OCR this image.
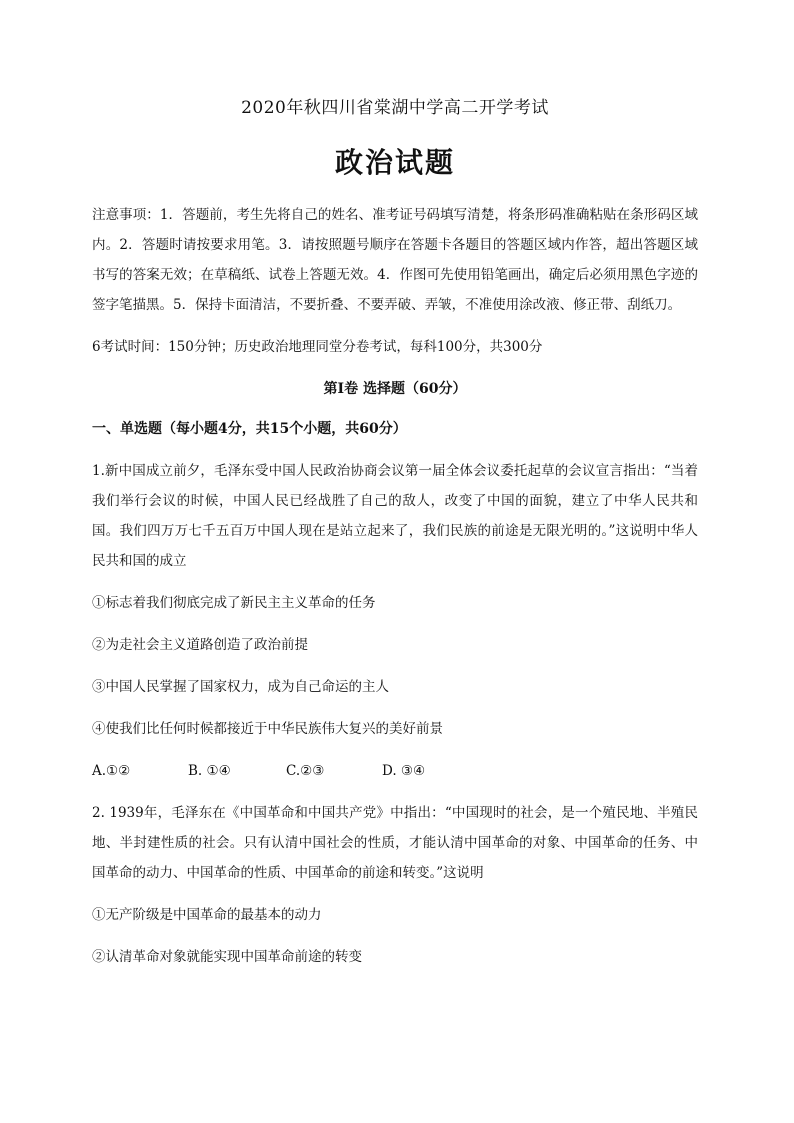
2020年秋四川省棠湖中学高二开学考试
政治试题

注意事项：1．答题前，考生先将自己的姓名、准考证号码填写清楚，将条形码准确粘贴在条形码区域内。2．答题时请按要求用笔。3．请按照题号顺序在答题卡各题目的答题区域内作答，超出答题区域书写的答案无效；在草稿纸、试卷上答题无效。4．作图可先使用铅笔画出，确定后必须用黑色字迹的签字笔描黑。5．保持卡面清洁，不要折叠、不要弄破、弄皱，不准使用涂改液、修正带、刮纸刀。

6考试时间：150分钟；历史政治地理同堂分卷考试，每科100分，共300分

第I卷 选择题（60分）
一、单选题（每小题4分，共15个小题，共60分）

1.新中国成立前夕，毛泽东受中国人民政治协商会议第一届全体会议委托起草的会议宣言指出：“当着我们举行会议的时候，中国人民已经战胜了自己的敌人，改变了中国的面貌，建立了中华人民共和国。我们四万万七千五百万中国人现在是站立起来了，我们民族的前途是无限光明的。”这说明中华人民共和国的成立

①标志着我们彻底完成了新民主主义革命的任务

②为走社会主义道路创造了政治前提

③中国人民掌握了国家权力，成为自己命运的主人

④使我们比任何时候都接近于中华民族伟大复兴的美好前景

A.①②	B. ①④	C.②③	D. ③④

2. 1939年，毛泽东在《中国革命和中国共产党》中指出：“中国现时的社会，是一个殖民地、半殖民地、半封建性质的社会。只有认清中国社会的性质，才能认清中国革命的对象、中国革命的任务、中国革命的动力、中国革命的性质、中国革命的前途和转变。”这说明

①无产阶级是中国革命的最基本的动力

②认清革命对象就能实现中国革命前途的转变
